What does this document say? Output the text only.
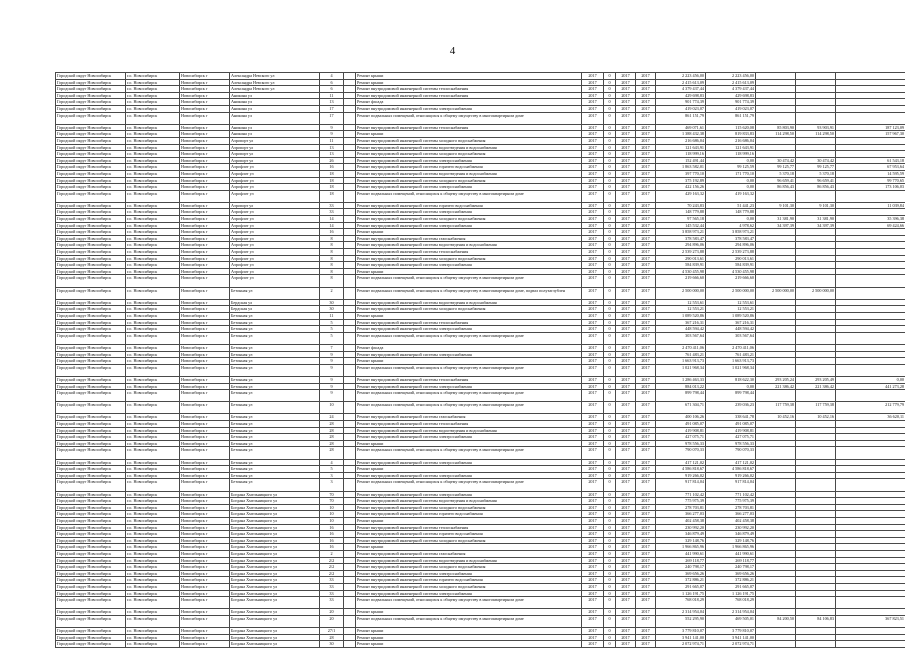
4
Городской округ Новосибирск	г.о. Новосибирск	Новосибирск г	Александра Невского ул	4		Ремонт крыши	2017	0	2017	2017	2 223 456,00	2 223 456,00			
Городской округ Новосибирск	г.о. Новосибирск	Новосибирск г	Александра Невского ул	6		Ремонт крыши	2017	0	2017	2017	2 415 613,09	2 415 613,09			
Городской округ Новосибирск	г.о. Новосибирск	Новосибирск г	Александра Невского ул	6		Ремонт внутридомовой инженерной системы теплоснабжения	2017	0	2017	2017	4 379 437,44	4 379 437,44			
Городской округ Новосибирск	г.о. Новосибирск	Новосибирск г	Аникина ул	11		Ремонт внутридомовой инженерной системы теплоснабжения	2017	0	2017	2017	429 698,83	429 698,83			
Городской округ Новосибирск	г.о. Новосибирск	Новосибирск г	Аникина ул	13		Ремонт фасада	2017	0	2017	2017	901 774,39	901 774,39			
Городской округ Новосибирск	г.о. Новосибирск	Новосибирск г	Аникина ул	17		Ремонт внутридомовой инженерной системы электроснабжения	2017	0	2017	2017	419 023,07	419 023,07			
Городской округ Новосибирск	г.о. Новосибирск	Новосибирск г	Аникина ул	17		Ремонт подвальных помещений, относящихся к общему имуществу в многоквартирном доме	2017	0	2017	2017	861 151,79	861 151,79			
Городской округ Новосибирск	г.о. Новосибирск	Новосибирск г	Аникина ул	9		Ремонт внутридомовой инженерной системы теплоснабжения	2017	0	2017	2017	469 071,61	115 620,08	85 803,90	93 903,91	187 123,09
Городской округ Новосибирск	г.о. Новосибирск	Новосибирск г	Аникина ул	9		Ремонт крыши	2017	0	2017	2017	1 388 432,38	819 833,83	114 298,50	114 298,50	157 967,30
Городской округ Новосибирск	г.о. Новосибирск	Новосибирск г	Аэропорт ул	11		Ремонт внутридомовой инженерной системы холодного водоснабжения	2017	0	2017	2017	216 686,04	216 686,04			
Городской округ Новосибирск	г.о. Новосибирск	Новосибирск г	Аэропорт ул	13		Ремонт внутридомовой инженерной системы водоотведения и водоснабжения	2017	0	2017	2017	121 643,91	121 643,91			
Городской округ Новосибирск	г.о. Новосибирск	Новосибирск г	Аэропорт ул	13		Ремонт внутридомовой инженерной системы холодного водоснабжения	2017	0	2017	2017	118 999,16	118 999,16			
Городской округ Новосибирск	г.о. Новосибирск	Новосибирск г	Аэропорт ул	26		Ремонт внутридомовой инженерной системы электроснабжения	2017	0	2017	2017	152 491,44	0,00	30 474,42	30 474,42	61 543,18
Городской округ Новосибирск	г.о. Новосибирск	Новосибирск г	Аэрофлот ул	16		Ремонт внутридомовой инженерной системы горячего водоснабжения	2017	0	2017	2017	1 863 582,01	99 125,59	99 125,77	99 125,77	67 953,64
Городской округ Новосибирск	г.о. Новосибирск	Новосибирск г	Аэрофлот ул	18		Ремонт внутридомовой инженерной системы водоотведения и водоснабжения	2017	0	2017	2017	397 770,10	171 770,10	5 370,18	5 370,18	14 595,59
Городской округ Новосибирск	г.о. Новосибирск	Новосибирск г	Аэрофлот ул	18		Ремонт внутридомовой инженерной системы холодного водоснабжения	2017	0	2017	2017	375 192,89	0,00	96 659,41	96 659,41	99 770,65
Городской округ Новосибирск	г.о. Новосибирск	Новосибирск г	Аэрофлот ул	18		Ремонт внутридомовой инженерной системы электроснабжения	2017	0	2017	2017	422 156,26	0,00	86 856,43	86 856,43	173 106,03
Городской округ Новосибирск	г.о. Новосибирск	Новосибирск г	Аэрофлот ул	18		Ремонт подвальных помещений, относящихся к общему имуществу в многоквартирном доме	2017	0	2017	2017	429 163,32	419 163,32			
Городской округ Новосибирск	г.о. Новосибирск	Новосибирск г	Аэропорт ул	33		Ремонт внутридомовой инженерной системы горячего водоснабжения	2017	0	2017	2017	70 243,83	51 441,23	9 101,30	9 101,30	11 039,84
Городской округ Новосибирск	г.о. Новосибирск	Новосибирск г	Аэрофлот ул	33		Ремонт внутридомовой инженерной системы электроснабжения	2017	0	2017	2017	148 779,88	148 779,88			
Городской округ Новосибирск	г.о. Новосибирск	Новосибирск г	Аэрофлот ул	14		Ремонт внутридомовой инженерной системы холодного водоснабжения	2017	0	2017	2017	97 565,18	0,00	31 381,90	31 381,90	35 396,38
Городской округ Новосибирск	г.о. Новосибирск	Новосибирск г	Аэрофлот ул	14		Ремонт внутридомовой инженерной системы электроснабжения	2017	0	2017	2017	145 532,44	4 978,62	34 397,39	34 397,39	69 424,66
Городской округ Новосибирск	г.о. Новосибирск	Новосибирск г	Аэрофлот ул	16		Ремонт крыши	2017	0	2017	2017	3 858 973,21	3 858 973,21			
Городской округ Новосибирск	г.о. Новосибирск	Новосибирск г	Аэрофлот ул	8		Ремонт внутридомовой инженерной системы газоснабжения	2017	0	2017	2017	378 583,47	378 583,47			
Городской округ Новосибирск	г.о. Новосибирск	Новосибирск г	Аэрофлот ул	8		Ремонт внутридомовой инженерной системы водоотведения и водоснабжения	2017	0	2017	2017	294 896,06	294 896,06			
Городской округ Новосибирск	г.о. Новосибирск	Новосибирск г	Аэрофлот ул	8		Ремонт внутридомовой инженерной системы теплоснабжения	2017	0	2017	2017	2 539 273,88	2 539 273,88			
Городской округ Новосибирск	г.о. Новосибирск	Новосибирск г	Аэрофлот ул	8		Ремонт внутридомовой инженерной системы холодного водоснабжения	2017	0	2017	2017	290 013,61	290 013,61			
Городской округ Новосибирск	г.о. Новосибирск	Новосибирск г	Аэрофлот ул	8		Ремонт внутридомовой инженерной системы электроснабжения	2017	0	2017	2017	584 839,91	584 839,91			
Городской округ Новосибирск	г.о. Новосибирск	Новосибирск г	Аэрофлот ул	8		Ремонт крыши	2017	0	2017	2017	4 530 455,98	4 530 455,98			
Городской округ Новосибирск	г.о. Новосибирск	Новосибирск г	Аэрофлот ул	8		Ремонт подвальных помещений, относящихся к общему имуществу в многоквартирном доме	2017	0	2017	2017	219 666,60	219 666,60			
Городской округ Новосибирск	г.о. Новосибирск	Новосибирск г	Бетонная ул	2		Ремонт подвальных помещений, относящихся к общему имуществу в многоквартирном доме, подвал полузаглублен	2017	0	2017	2017	2 500 000,00	2 500 000,00	2 500 000,00	2 500 000,00	
Городской округ Новосибирск	г.о. Новосибирск	Новосибирск г	Бердская ул	30		Ремонт внутридомовой инженерной системы водоотведения и водоснабжения	2017	0	2017	2017	12 553,61	12 553,61			
Городской округ Новосибирск	г.о. Новосибирск	Новосибирск г	Бердская ул	30		Ремонт внутридомовой инженерной системы холодного водоснабжения	2017	0	2017	2017	12 553,21	12 553,21			
Городской округ Новосибирск	г.о. Новосибирск	Новосибирск г	Бетонная ул	11		Ремонт крыши	2017	0	2017	2017	1 089 520,86	1 089 520,86			
Городской округ Новосибирск	г.о. Новосибирск	Новосибирск г	Бетонная ул	5		Ремонт внутридомовой инженерной системы теплоснабжения	2017	0	2017	2017	367 216,31	367 216,31			
Городской округ Новосибирск	г.о. Новосибирск	Новосибирск г	Бетонная ул	5		Ремонт внутридомовой инженерной системы электроснабжения	2017	0	2017	2017	448 594,42	448 594,42			
Городской округ Новосибирск	г.о. Новосибирск	Новосибирск г	Бетонная ул	5		Ремонт подвальных помещений, относящихся к общему имуществу в многоквартирном доме	2017	0	2017	2017	303 567,64	303 567,64			
Городской округ Новосибирск	г.о. Новосибирск	Новосибирск г	Бетонная ул	7		Ремонт фасада	2017	0	2017	2017	2 470 411,06	2 470 411,06			
Городской округ Новосибирск	г.о. Новосибирск	Новосибирск г	Бетонная ул	9		Ремонт внутридомовой инженерной системы электроснабжения	2017	0	2017	2017	761 483,21	761 483,21			
Городской округ Новосибирск	г.о. Новосибирск	Новосибирск г	Бетонная ул	9		Ремонт крыши	2017	0	2017	2017	1 663 913,73	1 663 913,73			
Городской округ Новосибирск	г.о. Новосибирск	Новосибирск г	Бетонная ул	9		Ремонт подвальных помещений, относящихся к общему имуществу в многоквартирном доме	2017	0	2017	2017	1 021 968,34	1 021 968,34			
Городской округ Новосибирск	г.о. Новосибирск	Новосибирск г	Бетонная ул	9		Ремонт внутридомовой инженерной системы теплоснабжения	2017	0	2017	2017	1 286 463,33	818 622,30	293 205,24	293 205,49	0,00
Городской округ Новосибирск	г.о. Новосибирск	Новосибирск г	Бетонная ул	9		Ремонт внутридомовой инженерной системы электроснабжения	2017	0	2017	2017	884 013,22	0,00	221 386,42	221 386,42	441 273,28
Городской округ Новосибирск	г.о. Новосибирск	Новосибирск г	Бетонная ул	9		Ремонт подвальных помещений, относящихся к общему имуществу в многоквартирном доме	2017	0	2017	2017	899 798,44	899 798,44			
Городской округ Новосибирск	г.о. Новосибирск	Новосибирск г	Бетонная ул	10		Ремонт подвальных помещений, относящихся к общему имуществу в многоквартирном доме	2017	0	2017	2017	671 304,71	239 036,23	117 759,38	117 759,38	212 779,79
Городской округ Новосибирск	г.о. Новосибирск	Новосибирск г	Бетонная ул	24		Ремонт внутридомовой инженерной системы газоснабжения	2017	0	2017	2017	400 106,26	338 641,78	10 452,16	10 452,16	36 620,11
Городской округ Новосибирск	г.о. Новосибирск	Новосибирск г	Бетонная ул	28		Ремонт внутридомовой инженерной системы теплоснабжения	2017	0	2017	2017	491 085,07	491 085,07			
Городской округ Новосибирск	г.о. Новосибирск	Новосибирск г	Бетонная ул	28		Ремонт внутридомовой инженерной системы водоотведения и водоснабжения	2017	0	2017	2017	419 908,81	419 908,81			
Городской округ Новосибирск	г.о. Новосибирск	Новосибирск г	Бетонная ул	28		Ремонт внутридомовой инженерной системы электроснабжения	2017	0	2017	2017	427 075,71	427 075,71			
Городской округ Новосибирск	г.о. Новосибирск	Новосибирск г	Бетонная ул	28		Ремонт крыши	2017	0	2017	2017	978 556,33	978 556,33			
Городской округ Новосибирск	г.о. Новосибирск	Новосибирск г	Бетонная ул	28		Ремонт подвальных помещений, относящихся к общему имуществу в многоквартирном доме	2017	0	2017	2017	790 070,33	790 070,33			
Городской округ Новосибирск	г.о. Новосибирск	Новосибирск г	Бетонная ул	4		Ремонт внутридомовой инженерной системы электроснабжения	2017	0	2017	2017	417 121,02	417 121,02			
Городской округ Новосибирск	г.о. Новосибирск	Новосибирск г	Бетонная ул	5		Ремонт крыши	2017	0	2017	2017	4 586 818,67	4 586 818,67			
Городской округ Новосибирск	г.о. Новосибирск	Новосибирск г	Бетонная ул	3		Ремонт внутридомовой инженерной системы электроснабжения	2017	0	2017	2017	919 266,02	919 266,02			
Городской округ Новосибирск	г.о. Новосибирск	Новосибирск г	Бетонная ул	3		Ремонт подвальных помещений, относящихся к общему имуществу в многоквартирном доме	2017	0	2017	2017	917 814,04	917 814,04			
Городской округ Новосибирск	г.о. Новосибирск	Новосибирск г	Богдана Хмельницкого ул	70		Ремонт внутридомовой инженерной системы электроснабжения	2017	0	2017	2017	771 102,42	771 102,42			
Городской округ Новосибирск	г.о. Новосибирск	Новосибирск г	Богдана Хмельницкого ул	70		Ремонт внутридомовой инженерной системы водоотведения и водоснабжения	2017	0	2017	2017	775 975,39	775 975,39			
Городской округ Новосибирск	г.о. Новосибирск	Новосибирск г	Богдана Хмельницкого ул	10		Ремонт внутридомовой инженерной системы холодного водоснабжения	2017	0	2017	2017	278 703,81	278 703,81			
Городской округ Новосибирск	г.о. Новосибирск	Новосибирск г	Богдана Хмельницкого ул	10		Ремонт внутридомовой инженерной системы горячего водоснабжения	2017	0	2017	2017	366 277,03	366 277,03			
Городской округ Новосибирск	г.о. Новосибирск	Новосибирск г	Богдана Хмельницкого ул	10		Ремонт крыши	2017	0	2017	2017	402 458,38	402 458,38			
Городской округ Новосибирск	г.о. Новосибирск	Новосибирск г	Богдана Хмельницкого ул	16		Ремонт внутридомовой инженерной системы теплоснабжения	2017	0	2017	2017	230 992,20	230 992,20			
Городской округ Новосибирск	г.о. Новосибирск	Новосибирск г	Богдана Хмельницкого ул	16		Ремонт внутридомовой инженерной системы горячего водоснабжения	2017	0	2017	2017	346 879,49	346 879,49			
Городской округ Новосибирск	г.о. Новосибирск	Новосибирск г	Богдана Хмельницкого ул	16		Ремонт внутридомовой инженерной системы холодного водоснабжения	2017	0	2017	2017	329 148,76	329 148,76			
Городской округ Новосибирск	г.о. Новосибирск	Новосибирск г	Богдана Хмельницкого ул	16		Ремонт крыши	2017	0	2017	2017	1 966 865,96	1 966 865,96			
Городской округ Новосибирск	г.о. Новосибирск	Новосибирск г	Богдана Хмельницкого ул	2		Ремонт внутридомовой инженерной системы газоснабжения	2017	0	2017	2017	441 990,61	441 990,61			
Городской округ Новосибирск	г.о. Новосибирск	Новосибирск г	Богдана Хмельницкого ул	2/2		Ремонт внутридомовой инженерной системы водоотведения и водоснабжения	2017	0	2017	2017	269 118,77	269 118,77			
Городской округ Новосибирск	г.о. Новосибирск	Новосибирск г	Богдана Хмельницкого ул	2/2		Ремонт внутридомовой инженерной системы холодного водоснабжения	2017	0	2017	2017	240 798,17	240 798,17			
Городской округ Новосибирск	г.о. Новосибирск	Новосибирск г	Богдана Хмельницкого ул	2/2		Ремонт внутридомовой инженерной системы электроснабжения	2017	0	2017	2017	369 656,26	369 656,26			
Городской округ Новосибирск	г.о. Новосибирск	Новосибирск г	Богдана Хмельницкого ул	33		Ремонт внутридомовой инженерной системы горячего водоснабжения	2017	0	2017	2017	372 886,21	372 886,21			
Городской округ Новосибирск	г.о. Новосибирск	Новосибирск г	Богдана Хмельницкого ул	33		Ремонт внутридомовой инженерной системы холодного водоснабжения	2017	0	2017	2017	291 665,07	291 665,07			
Городской округ Новосибирск	г.о. Новосибирск	Новосибирск г	Богдана Хмельницкого ул	33		Ремонт внутридомовой инженерной системы электроснабжения	2017	0	2017	2017	1 126 191,75	1 126 191,75			
Городской округ Новосибирск	г.о. Новосибирск	Новосибирск г	Богдана Хмельницкого ул	33		Ремонт подвальных помещений, относящихся к общему имуществу в многоквартирном доме	2017	0	2017	2017	768 018,29	768 018,29			
Городской округ Новосибирск	г.о. Новосибирск	Новосибирск г	Богдана Хмельницкого ул	20		Ремонт крыши	2017	0	2017	2017	2 314 954,04	2 314 954,04			
Городской округ Новосибирск	г.о. Новосибирск	Новосибирск г	Богдана Хмельницкого ул	20		Ремонт подвальных помещений, относящихся к общему имуществу в многоквартирном доме	2017	0	2017	2017	552 295,90	469 505,01	84 200,50	84 106,83	367 823,51
Городской округ Новосибирск	г.о. Новосибирск	Новосибирск г	Богдана Хмельницкого ул	27/1		Ремонт крыши	2017	0	2017	2017	3 779 810,07	3 779 810,07			
Городской округ Новосибирск	г.о. Новосибирск	Новосибирск г	Богдана Хмельницкого ул	28		Ремонт крыши	2017	0	2017	2017	3 941 141,00	3 941 141,00			
Городской округ Новосибирск	г.о. Новосибирск	Новосибирск г	Богдана Хмельницкого ул	30		Ремонт крыши	2017	0	2017	2017	2 072 974,71	2 072 974,71			
